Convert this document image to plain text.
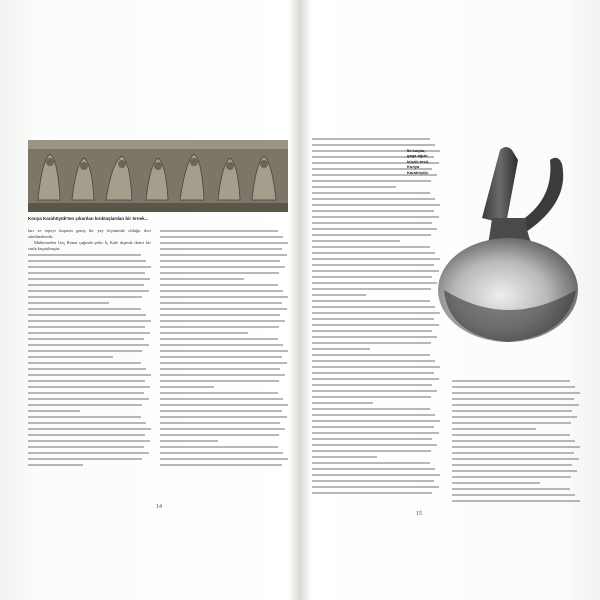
Konya Karahöyük'ten çıkarılan kırıktaşlardan bir örnek...

ları ve tepeyi kuşatan geniş bir yay biçiminde olduğu ileri sürülmektedir.

Muhtemelen Geç Roma çağında şehir İç Kale dışında ikinci bir surla kuşatılmıştır.

14
İki kulplu, gaga ağızlı küçük testi, Konya Karahöyük.
15
